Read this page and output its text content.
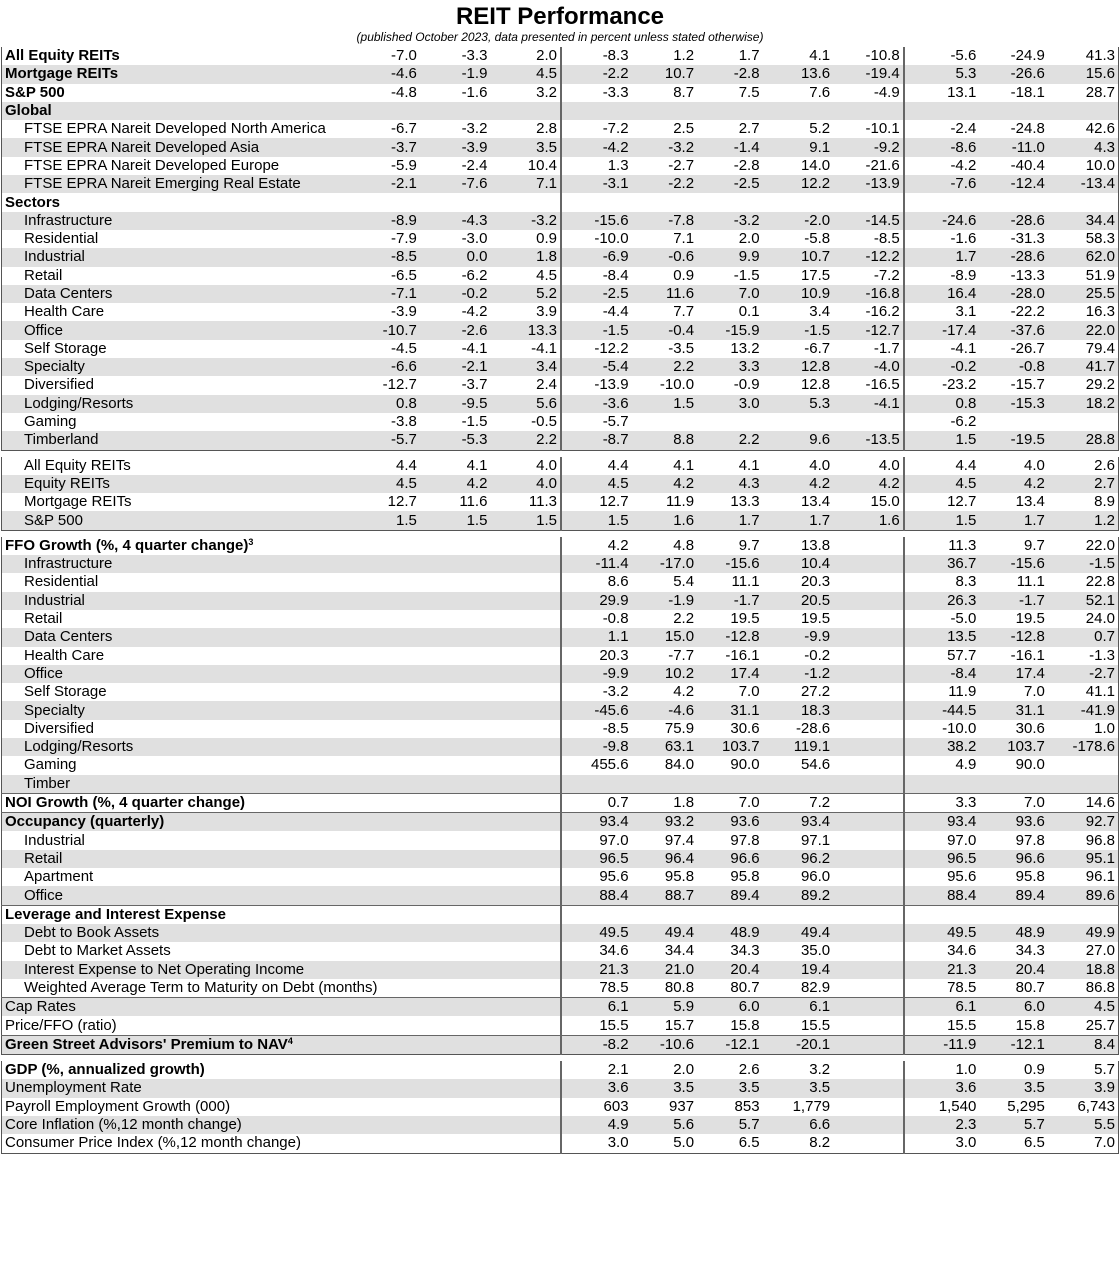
REIT Performance
(published October 2023, data presented in percent unless stated otherwise)
All Equity REITs	-7.0	-3.3	2.0	-8.3	1.2	1.7	4.1	-10.8	-5.6	-24.9	41.3
Mortgage REITs	-4.6	-1.9	4.5	-2.2	10.7	-2.8	13.6	-19.4	5.3	-26.6	15.6
S&P 500	-4.8	-1.6	3.2	-3.3	8.7	7.5	7.6	-4.9	13.1	-18.1	28.7
Global											
FTSE EPRA Nareit Developed North America	-6.7	-3.2	2.8	-7.2	2.5	2.7	5.2	-10.1	-2.4	-24.8	42.6
FTSE EPRA Nareit Developed Asia	-3.7	-3.9	3.5	-4.2	-3.2	-1.4	9.1	-9.2	-8.6	-11.0	4.3
FTSE EPRA Nareit Developed Europe	-5.9	-2.4	10.4	1.3	-2.7	-2.8	14.0	-21.6	-4.2	-40.4	10.0
FTSE EPRA Nareit Emerging Real Estate	-2.1	-7.6	7.1	-3.1	-2.2	-2.5	12.2	-13.9	-7.6	-12.4	-13.4
Sectors											
Infrastructure	-8.9	-4.3	-3.2	-15.6	-7.8	-3.2	-2.0	-14.5	-24.6	-28.6	34.4
Residential	-7.9	-3.0	0.9	-10.0	7.1	2.0	-5.8	-8.5	-1.6	-31.3	58.3
Industrial	-8.5	0.0	1.8	-6.9	-0.6	9.9	10.7	-12.2	1.7	-28.6	62.0
Retail	-6.5	-6.2	4.5	-8.4	0.9	-1.5	17.5	-7.2	-8.9	-13.3	51.9
Data Centers	-7.1	-0.2	5.2	-2.5	11.6	7.0	10.9	-16.8	16.4	-28.0	25.5
Health Care	-3.9	-4.2	3.9	-4.4	7.7	0.1	3.4	-16.2	3.1	-22.2	16.3
Office	-10.7	-2.6	13.3	-1.5	-0.4	-15.9	-1.5	-12.7	-17.4	-37.6	22.0
Self Storage	-4.5	-4.1	-4.1	-12.2	-3.5	13.2	-6.7	-1.7	-4.1	-26.7	79.4
Specialty	-6.6	-2.1	3.4	-5.4	2.2	3.3	12.8	-4.0	-0.2	-0.8	41.7
Diversified	-12.7	-3.7	2.4	-13.9	-10.0	-0.9	12.8	-16.5	-23.2	-15.7	29.2
Lodging/Resorts	0.8	-9.5	5.6	-3.6	1.5	3.0	5.3	-4.1	0.8	-15.3	18.2
Gaming	-3.8	-1.5	-0.5	-5.7					-6.2		
Timberland	-5.7	-5.3	2.2	-8.7	8.8	2.2	9.6	-13.5	1.5	-19.5	28.8
All Equity REITs	4.4	4.1	4.0	4.4	4.1	4.1	4.0	4.0	4.4	4.0	2.6
Equity REITs	4.5	4.2	4.0	4.5	4.2	4.3	4.2	4.2	4.5	4.2	2.7
Mortgage REITs	12.7	11.6	11.3	12.7	11.9	13.3	13.4	15.0	12.7	13.4	8.9
S&P 500	1.5	1.5	1.5	1.5	1.6	1.7	1.7	1.6	1.5	1.7	1.2
FFO Growth (%, 4 quarter change)$^3$				4.2	4.8	9.7	13.8		11.3	9.7	22.0
Infrastructure				-11.4	-17.0	-15.6	10.4		36.7	-15.6	-1.5
Residential				8.6	5.4	11.1	20.3		8.3	11.1	22.8
Industrial				29.9	-1.9	-1.7	20.5		26.3	-1.7	52.1
Retail				-0.8	2.2	19.5	19.5		-5.0	19.5	24.0
Data Centers				1.1	15.0	-12.8	-9.9		13.5	-12.8	0.7
Health Care				20.3	-7.7	-16.1	-0.2		57.7	-16.1	-1.3
Office				-9.9	10.2	17.4	-1.2		-8.4	17.4	-2.7
Self Storage				-3.2	4.2	7.0	27.2		11.9	7.0	41.1
Specialty				-45.6	-4.6	31.1	18.3		-44.5	31.1	-41.9
Diversified				-8.5	75.9	30.6	-28.6		-10.0	30.6	1.0
Lodging/Resorts				-9.8	63.1	103.7	119.1		38.2	103.7	-178.6
Gaming				455.6	84.0	90.0	54.6		4.9	90.0	
Timber											
NOI Growth (%, 4 quarter change)				0.7	1.8	7.0	7.2		3.3	7.0	14.6
Occupancy (quarterly)				93.4	93.2	93.6	93.4		93.4	93.6	92.7
Industrial				97.0	97.4	97.8	97.1		97.0	97.8	96.8
Retail				96.5	96.4	96.6	96.2		96.5	96.6	95.1
Apartment				95.6	95.8	95.8	96.0		95.6	95.8	96.1
Office				88.4	88.7	89.4	89.2		88.4	89.4	89.6
Leverage and Interest Expense											
Debt to Book Assets				49.5	49.4	48.9	49.4		49.5	48.9	49.9
Debt to Market Assets				34.6	34.4	34.3	35.0		34.6	34.3	27.0
Interest Expense to Net Operating Income				21.3	21.0	20.4	19.4		21.3	20.4	18.8
Weighted Average Term to Maturity on Debt (months)				78.5	80.8	80.7	82.9		78.5	80.7	86.8
Cap Rates				6.1	5.9	6.0	6.1		6.1	6.0	4.5
Price/FFO (ratio)				15.5	15.7	15.8	15.5		15.5	15.8	25.7
Green Street Advisors' Premium to NAV$^4$				-8.2	-10.6	-12.1	-20.1		-11.9	-12.1	8.4
GDP (%, annualized growth)				2.1	2.0	2.6	3.2		1.0	0.9	5.7
Unemployment Rate				3.6	3.5	3.5	3.5		3.6	3.5	3.9
Payroll Employment Growth (000)				603	937	853	1,779		1,540	5,295	6,743
Core Inflation (%,12 month change)				4.9	5.6	5.7	6.6		2.3	5.7	5.5
Consumer Price Index (%,12 month change)				3.0	5.0	6.5	8.2		3.0	6.5	7.0
